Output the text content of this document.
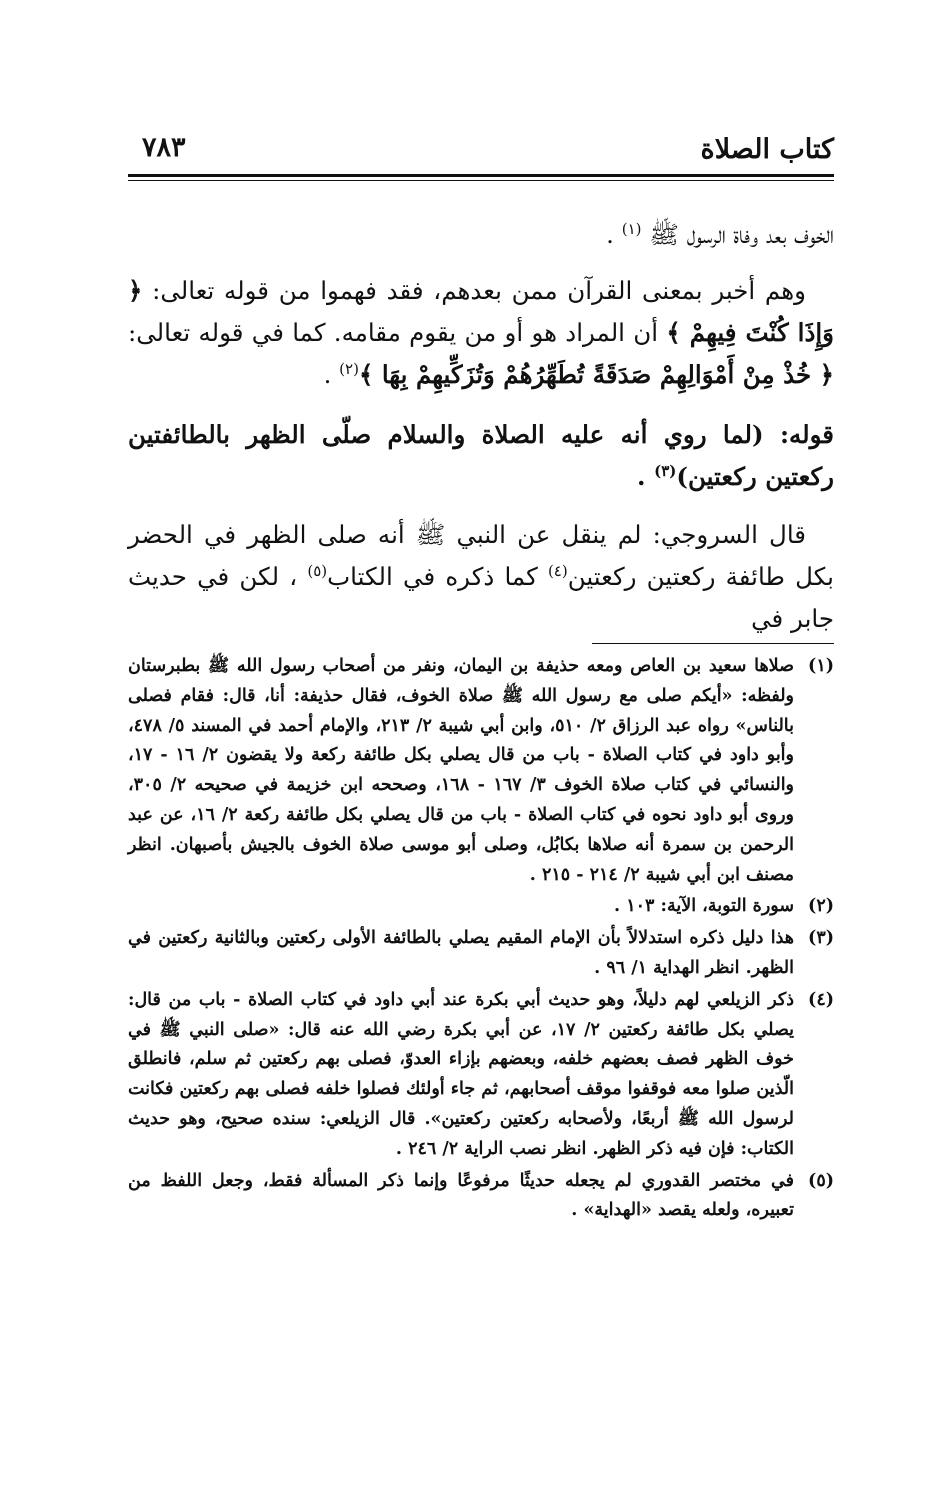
كتاب الصلاة
٧٨٣

الخوف بعد وفاة الرسول ﷺ $^{(١)}$ .

وهم أخبر بمعنى القرآن ممن بعدهم، فقد فهموا من قوله تعالى: ﴿ وَإِذَا كُنْتَ فِيهِمْ ﴾ أن المراد هو أو من يقوم مقامه. كما في قوله تعالى: ﴿ خُذْ مِنْ أَمْوَالِهِمْ صَدَقَةً تُطَهِّرُهُمْ وَتُزَكِّيهِمْ بِهَا ﴾$^{(٢)}$ .

قوله: (لما روي أنه عليه الصلاة والسلام صلّى الظهر بالطائفتين ركعتين ركعتين)$^{(٣)}$ .

قال السروجي: لم ينقل عن النبي ﷺ أنه صلى الظهر في الحضر بكل طائفة ركعتين ركعتين$^{(٤)}$ كما ذكره في الكتاب$^{(٥)}$ ، لكن في حديث جابر في

(١)
صلاها سعيد بن العاص ومعه حذيفة بن اليمان، ونفر من أصحاب رسول الله ﷺ بطبرستان ولفظه: «أيكم صلى مع رسول الله ﷺ صلاة الخوف، فقال حذيفة: أنا، قال: فقام فصلى بالناس» رواه عبد الرزاق ٢/ ٥١٠، وابن أبي شيبة ٢/ ٢١٣، والإمام أحمد في المسند ٥/ ٤٧٨، وأبو داود في كتاب الصلاة - باب من قال يصلي بكل طائفة ركعة ولا يقضون ٢/ ١٦ - ١٧، والنسائي في كتاب صلاة الخوف ٣/ ١٦٧ - ١٦٨، وصححه ابن خزيمة في صحيحه ٢/ ٣٠٥، وروى أبو داود نحوه في كتاب الصلاة - باب من قال يصلي بكل طائفة ركعة ٢/ ١٦، عن عبد الرحمن بن سمرة أنه صلاها بكابُل، وصلى أبو موسى صلاة الخوف بالجيش بأصبهان. انظر مصنف ابن أبي شيبة ٢/ ٢١٤ - ٢١٥ .
(٢)
سورة التوبة، الآية: ١٠٣ .
(٣)
هذا دليل ذكره استدلالاً بأن الإمام المقيم يصلي بالطائفة الأولى ركعتين وبالثانية ركعتين في الظهر. انظر الهداية ١/ ٩٦ .
(٤)
ذكر الزيلعي لهم دليلاً، وهو حديث أبي بكرة عند أبي داود في كتاب الصلاة - باب من قال: يصلي بكل طائفة ركعتين ٢/ ١٧، عن أبي بكرة رضي الله عنه قال: «صلى النبي ﷺ في خوف الظهر فصف بعضهم خلفه، وبعضهم بإزاء العدوّ، فصلى بهم ركعتين ثم سلم، فانطلق الّذين صلوا معه فوقفوا موقف أصحابهم، ثم جاء أولئك فصلوا خلفه فصلى بهم ركعتين فكانت لرسول الله ﷺ أربعًا، ولأصحابه ركعتين ركعتين». قال الزيلعي: سنده صحيح، وهو حديث الكتاب: فإن فيه ذكر الظهر. انظر نصب الراية ٢/ ٢٤٦ .
(٥)
في مختصر القدوري لم يجعله حديثًا مرفوعًا وإنما ذكر المسألة فقط، وجعل اللفظ من تعبيره، ولعله يقصد «الهداية» .
